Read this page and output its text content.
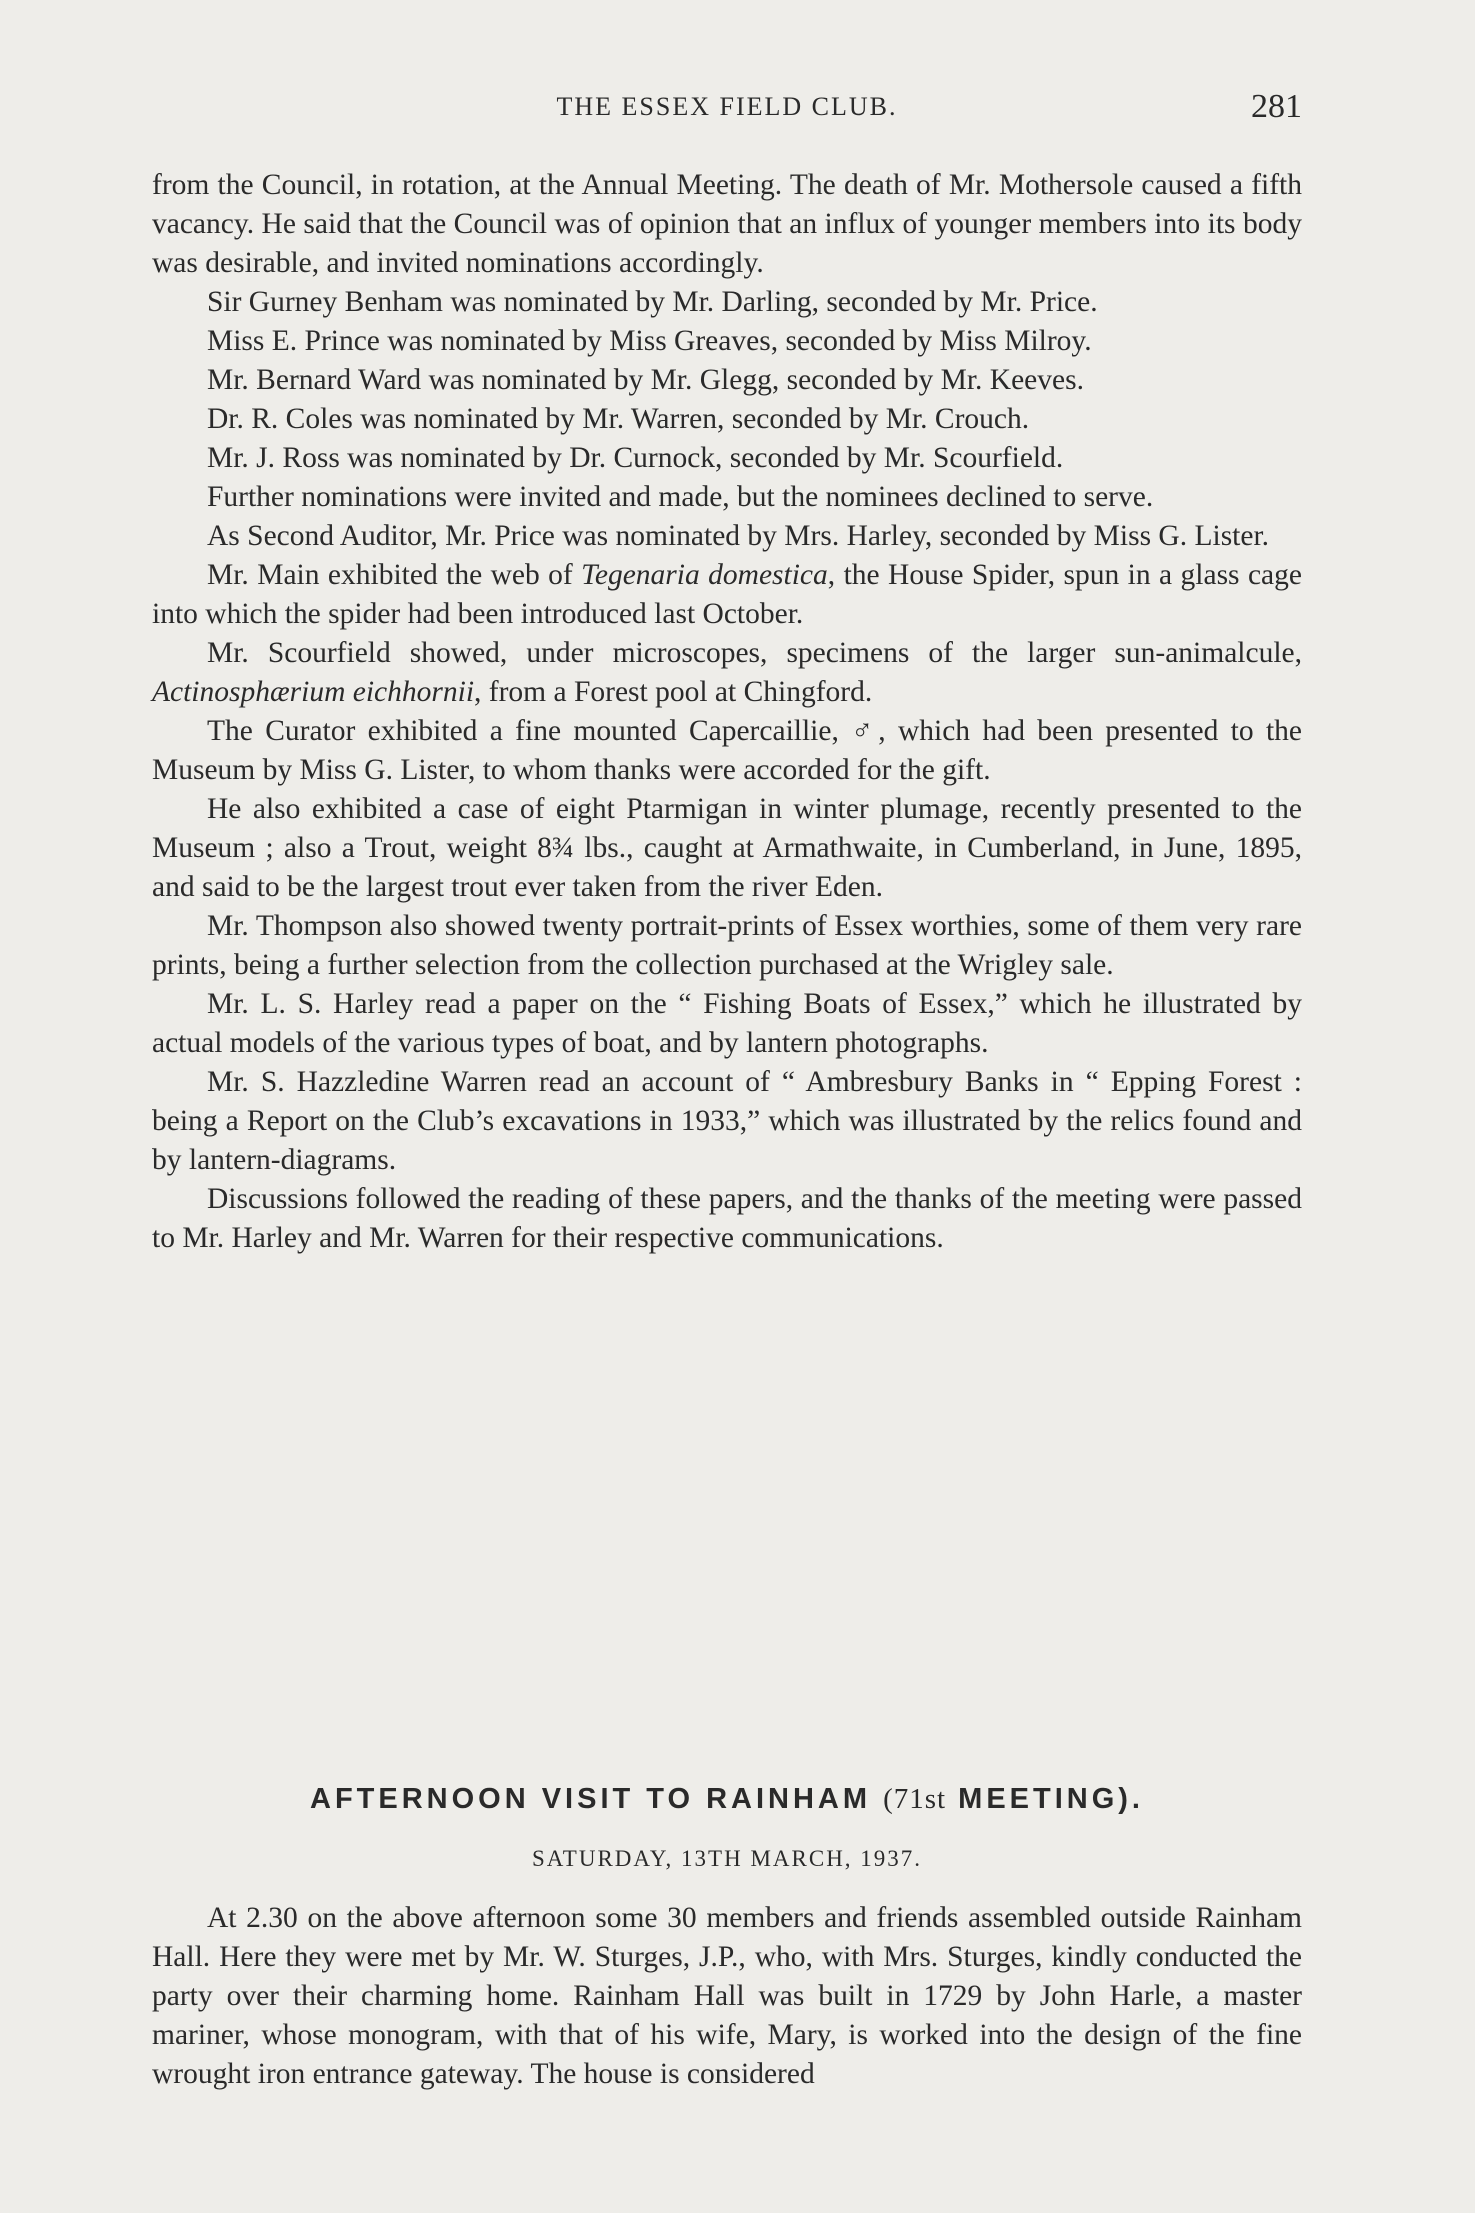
THE ESSEX FIELD CLUB.	281

from the Council, in rotation, at the Annual Meeting. The death of Mr. Mothersole caused a fifth vacancy. He said that the Council was of opinion that an influx of younger members into its body was desirable, and invited nominations accordingly.

Sir Gurney Benham was nominated by Mr. Darling, seconded by Mr. Price.

Miss E. Prince was nominated by Miss Greaves, seconded by Miss Milroy.

Mr. Bernard Ward was nominated by Mr. Glegg, seconded by Mr. Keeves.

Dr. R. Coles was nominated by Mr. Warren, seconded by Mr. Crouch.

Mr. J. Ross was nominated by Dr. Curnock, seconded by Mr. Scourfield.

Further nominations were invited and made, but the nominees declined to serve.

As Second Auditor, Mr. Price was nominated by Mrs. Harley, seconded by Miss G. Lister.

Mr. Main exhibited the web of Tegenaria domestica, the House Spider, spun in a glass cage into which the spider had been introduced last October.

Mr. Scourfield showed, under microscopes, specimens of the larger sun-animalcule, Actinosphærium eichhornii, from a Forest pool at Chingford.

The Curator exhibited a fine mounted Capercaillie, ♂, which had been presented to the Museum by Miss G. Lister, to whom thanks were accorded for the gift.

He also exhibited a case of eight Ptarmigan in winter plumage, recently presented to the Museum ; also a Trout, weight 8¾ lbs., caught at Armathwaite, in Cumberland, in June, 1895, and said to be the largest trout ever taken from the river Eden.

Mr. Thompson also showed twenty portrait-prints of Essex worthies, some of them very rare prints, being a further selection from the collection purchased at the Wrigley sale.

Mr. L. S. Harley read a paper on the “ Fishing Boats of Essex,” which he illustrated by actual models of the various types of boat, and by lantern photographs.

Mr. S. Hazzledine Warren read an account of “ Ambresbury Banks in “ Epping Forest : being a Report on the Club’s excavations in 1933,” which was illustrated by the relics found and by lantern-diagrams.

Discussions followed the reading of these papers, and the thanks of the meeting were passed to Mr. Harley and Mr. Warren for their respective communications.

AFTERNOON VISIT TO RAINHAM (71st MEETING).
SATURDAY, 13TH MARCH, 1937.

At 2.30 on the above afternoon some 30 members and friends assembled outside Rainham Hall. Here they were met by Mr. W. Sturges, J.P., who, with Mrs. Sturges, kindly conducted the party over their charming home. Rainham Hall was built in 1729 by John Harle, a master mariner, whose monogram, with that of his wife, Mary, is worked into the design of the fine wrought iron entrance gateway. The house is considered
